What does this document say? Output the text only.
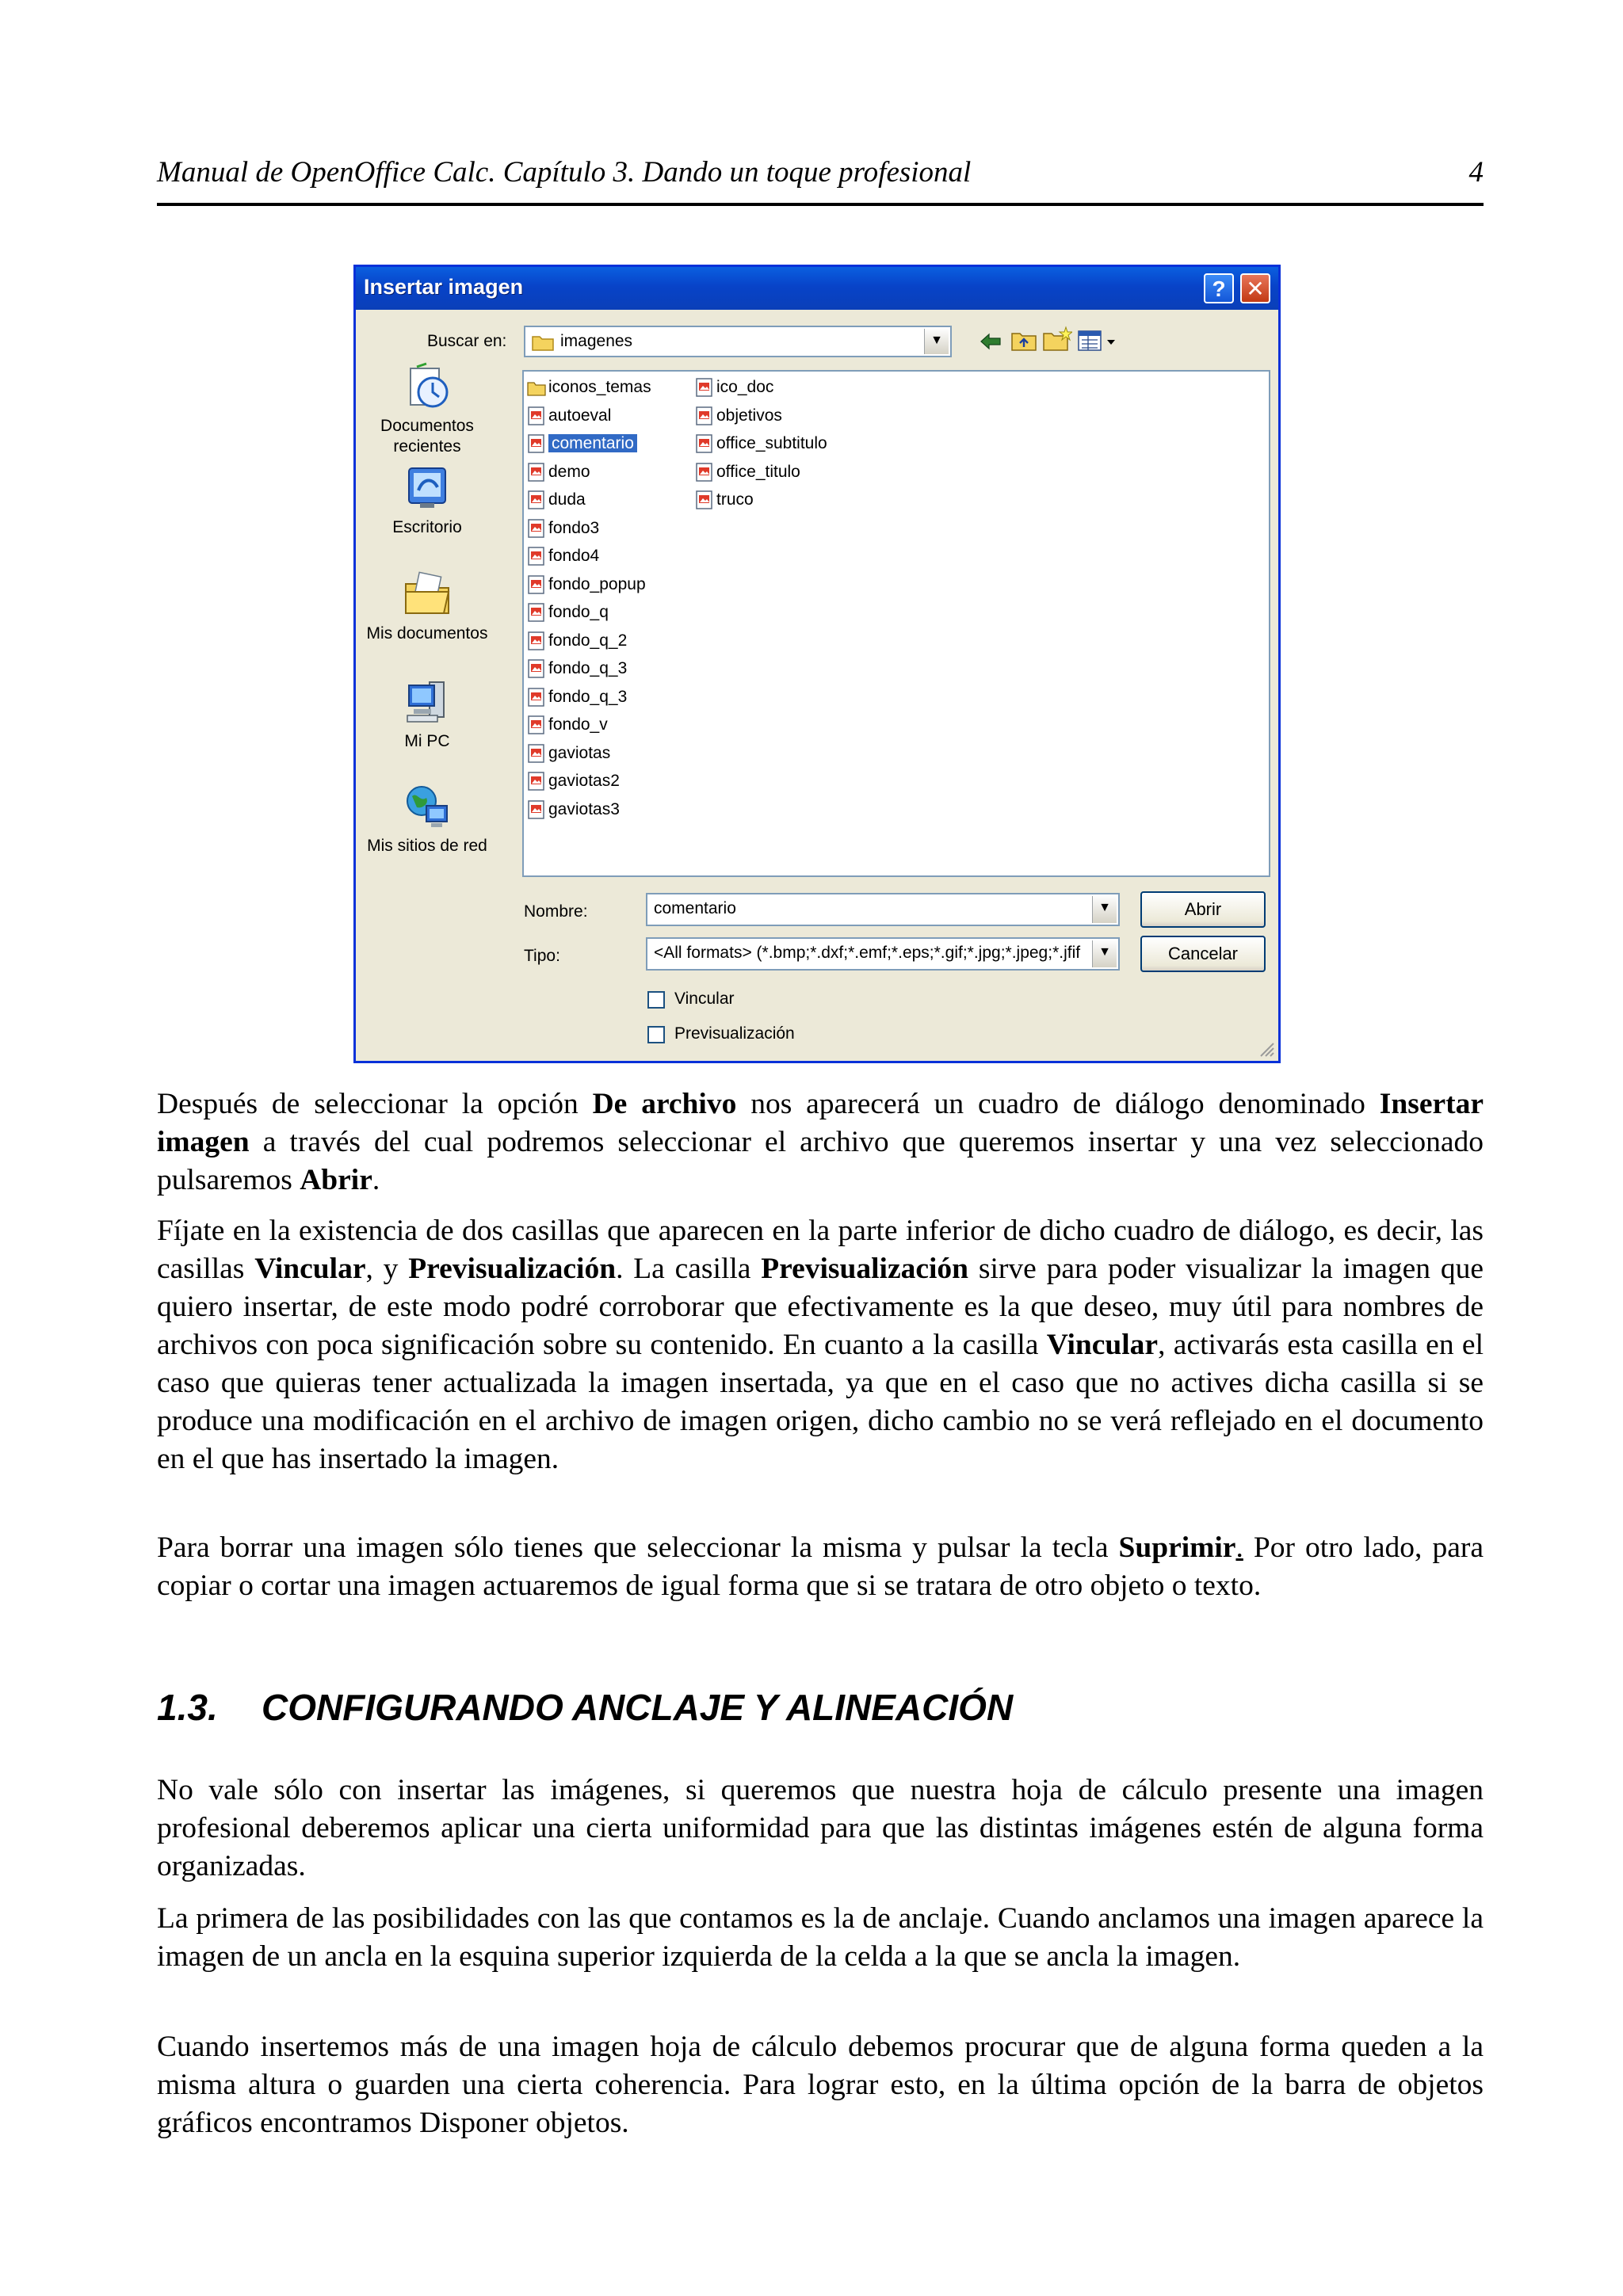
Manual de OpenOffice Calc. Capítulo 3. Dando un toque profesional	4
Insertar imagen	? ✕
Buscar en:	imagenes	▼
Documentos recientes
Escritorio
Mis documentos
Mi PC
Mis sitios de red
iconos_temas
autoeval
comentario
demo
duda
fondo3
fondo4
fondo_popup
fondo_q
fondo_q_2
fondo_q_3
fondo_q_3
fondo_v
gaviotas
gaviotas2
gaviotas3
ico_doc
objetivos
office_subtitulo
office_titulo
truco
Nombre:	comentario	▼
Tipo:	<All formats> (*.bmp;*.dxf;*.emf;*.eps;*.gif;*.jpg;*.jpeg;*.jfif	▼
Abrir
Cancelar
Vincular
Previsualización

Después de seleccionar la opción De archivo nos aparecerá un cuadro de diálogo denominado Insertar imagen a través del cual podremos seleccionar el archivo que queremos insertar y una vez seleccionado pulsaremos Abrir.

Fíjate en la existencia de dos casillas que aparecen en la parte inferior de dicho cuadro de diálogo, es decir, las casillas Vincular, y Previsualización. La casilla Previsualización sirve para poder visualizar la imagen que quiero insertar, de este modo podré corroborar que efectivamente es la que deseo, muy útil para nombres de archivos con poca significación sobre su contenido. En cuanto a la casilla Vincular, activarás esta casilla en el caso que quieras tener actualizada la imagen insertada, ya que en el caso que no actives dicha casilla si se produce una modificación en el archivo de imagen origen, dicho cambio no se verá reflejado en el documento en el que has insertado la imagen.

Para borrar una imagen sólo tienes que seleccionar la misma y pulsar la tecla Suprimir. Por otro lado, para copiar o cortar una imagen actuaremos de igual forma que si se tratara de otro objeto o texto.

1.3. CONFIGURANDO ANCLAJE Y ALINEACIÓN

No vale sólo con insertar las imágenes, si queremos que nuestra hoja de cálculo presente una imagen profesional deberemos aplicar una cierta uniformidad para que las distintas imágenes estén de alguna forma organizadas.

La primera de las posibilidades con las que contamos es la de anclaje. Cuando anclamos una imagen aparece la imagen de un ancla en la esquina superior izquierda de la celda a la que se ancla la imagen.

Cuando insertemos más de una imagen hoja de cálculo debemos procurar que de alguna forma queden a la misma altura o guarden una cierta coherencia. Para lograr esto, en la última opción de la barra de objetos gráficos encontramos Disponer objetos.
